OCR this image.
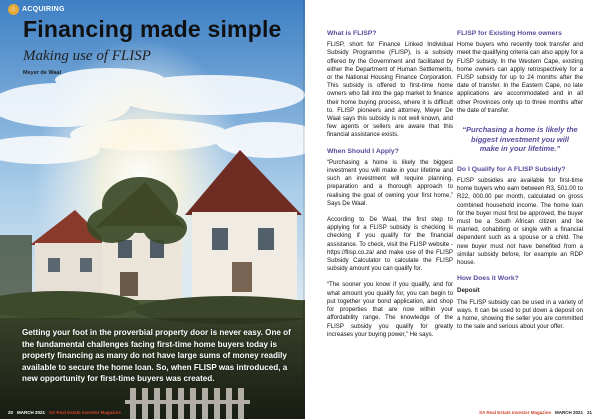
⌂ ACQUIRING
Financing made simple
Making use of FLISP
Meyer de Waal
Getting your foot in the proverbial property door is never easy. One of the fundamental challenges facing first-time home buyers today is property financing as many do not have large sums of money readily available to secure the home loan. So, when FLISP was introduced, a new opportunity for first-time buyers was created.
20 MARCH 2021 SA Real Estate Investor Magazine
What is FLISP?

FLISP, short for Finance Linked Individual Subsidy Programme (FLISP), is a subsidy offered by the Government and facilitated by either the Department of Human Settlements, or the National Housing Finance Corporation. This subsidy is offered to first-time home owners who fall into the gap market to finance their home buying process, where it is difficult to. FLISP pioneers and attorney, Meyer De Waal says this subsidy is not well known, and few agents or sellers are aware that this financial assistance exists.

When Should I Apply?

“Purchasing a home is likely the biggest investment you will make in your lifetime and such an investment will require planning, preparation and a thorough approach to realising the goal of owning your first home,” Says De Waal.

According to De Waal, the first step to applying for a FLISP subsidy is checking is checking if you qualify for the financial assistance. To check, visit the FLISP website - https://flisp.co.za/ and make use of the FLISP Subsidy Calculator to calculate the FLISP subsidy amount you can qualify for.

“The sooner you know if you qualify, and for what amount you qualify for, you can begin to put together your bond application, and shop for properties that are now within your affordability range. The knowledge of the FLISP subsidy you qualify for greatly increases your buying power,” He says.

FLISP for Existing Home owners

Home buyers who recently took transfer and meet the qualifying criteria can also apply for a FLISP subsidy. In the Western Cape, existing home owners can apply retrospectively for a FLISP subsidy for up to 24 months after the date of transfer. In the Eastern Cape, no late applications are accommodated and in all other Provinces only up to three months after the date of transfer.

“Purchasing a home is likely the biggest investment you will make in your lifetime.”
Do I Qualify for A FLISP Subsidy?

FLISP subsidies are available for first-time home buyers who earn between R3, 501.00 to R22, 000.00 per month, calculated on gross combined household income. The home loan for the buyer must first be approved, the buyer must be a South African citizen and be married, cohabiting or single with a financial dependent such as a spouse or a child. The new buyer must not have benefited from a similar subsidy before, for example an RDP house.

How Does it Work?
Deposit

The FLISP subsidy can be used in a variety of ways. It can be used to put down a deposit on a home, showing the seller you are committed to the sale and serious about your offer.

SA Real Estate Investor Magazine MARCH 2021 21
